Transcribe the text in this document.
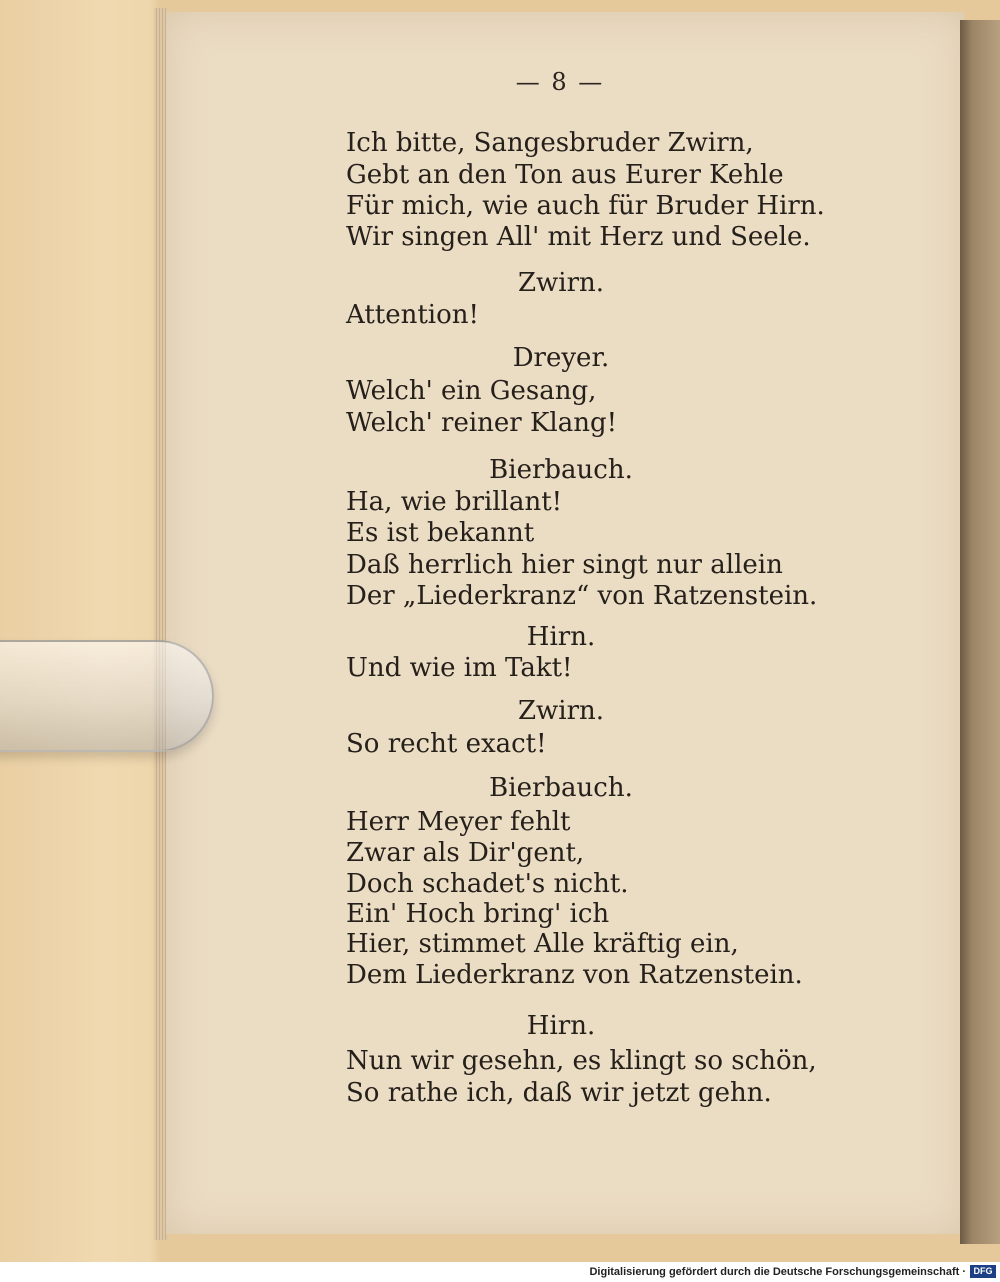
— 8 —
Ich bitte, Sangesbruder Zwirn,
Gebt an den Ton aus Eurer Kehle
Für mich, wie auch für Bruder Hirn.
Wir singen All' mit Herz und Seele.
Zwirn.
Attention!
Dreyer.
Welch' ein Gesang,
Welch' reiner Klang!
Bierbauch.
Ha, wie brillant!
Es ist bekannt
Daß herrlich hier singt nur allein
Der „Liederkranz“ von Ratzenstein.
Hirn.
Und wie im Takt!
Zwirn.
So recht exact!
Bierbauch.
Herr Meyer fehlt
Zwar als Dir'gent,
Doch schadet's nicht.
Ein' Hoch bring' ich
Hier, stimmet Alle kräftig ein,
Dem Liederkranz von Ratzenstein.
Hirn.
Nun wir gesehn, es klingt so schön,
So rathe ich, daß wir jetzt gehn.
Digitalisierung gefördert durch die Deutsche Forschungsgemeinschaft · DFG
